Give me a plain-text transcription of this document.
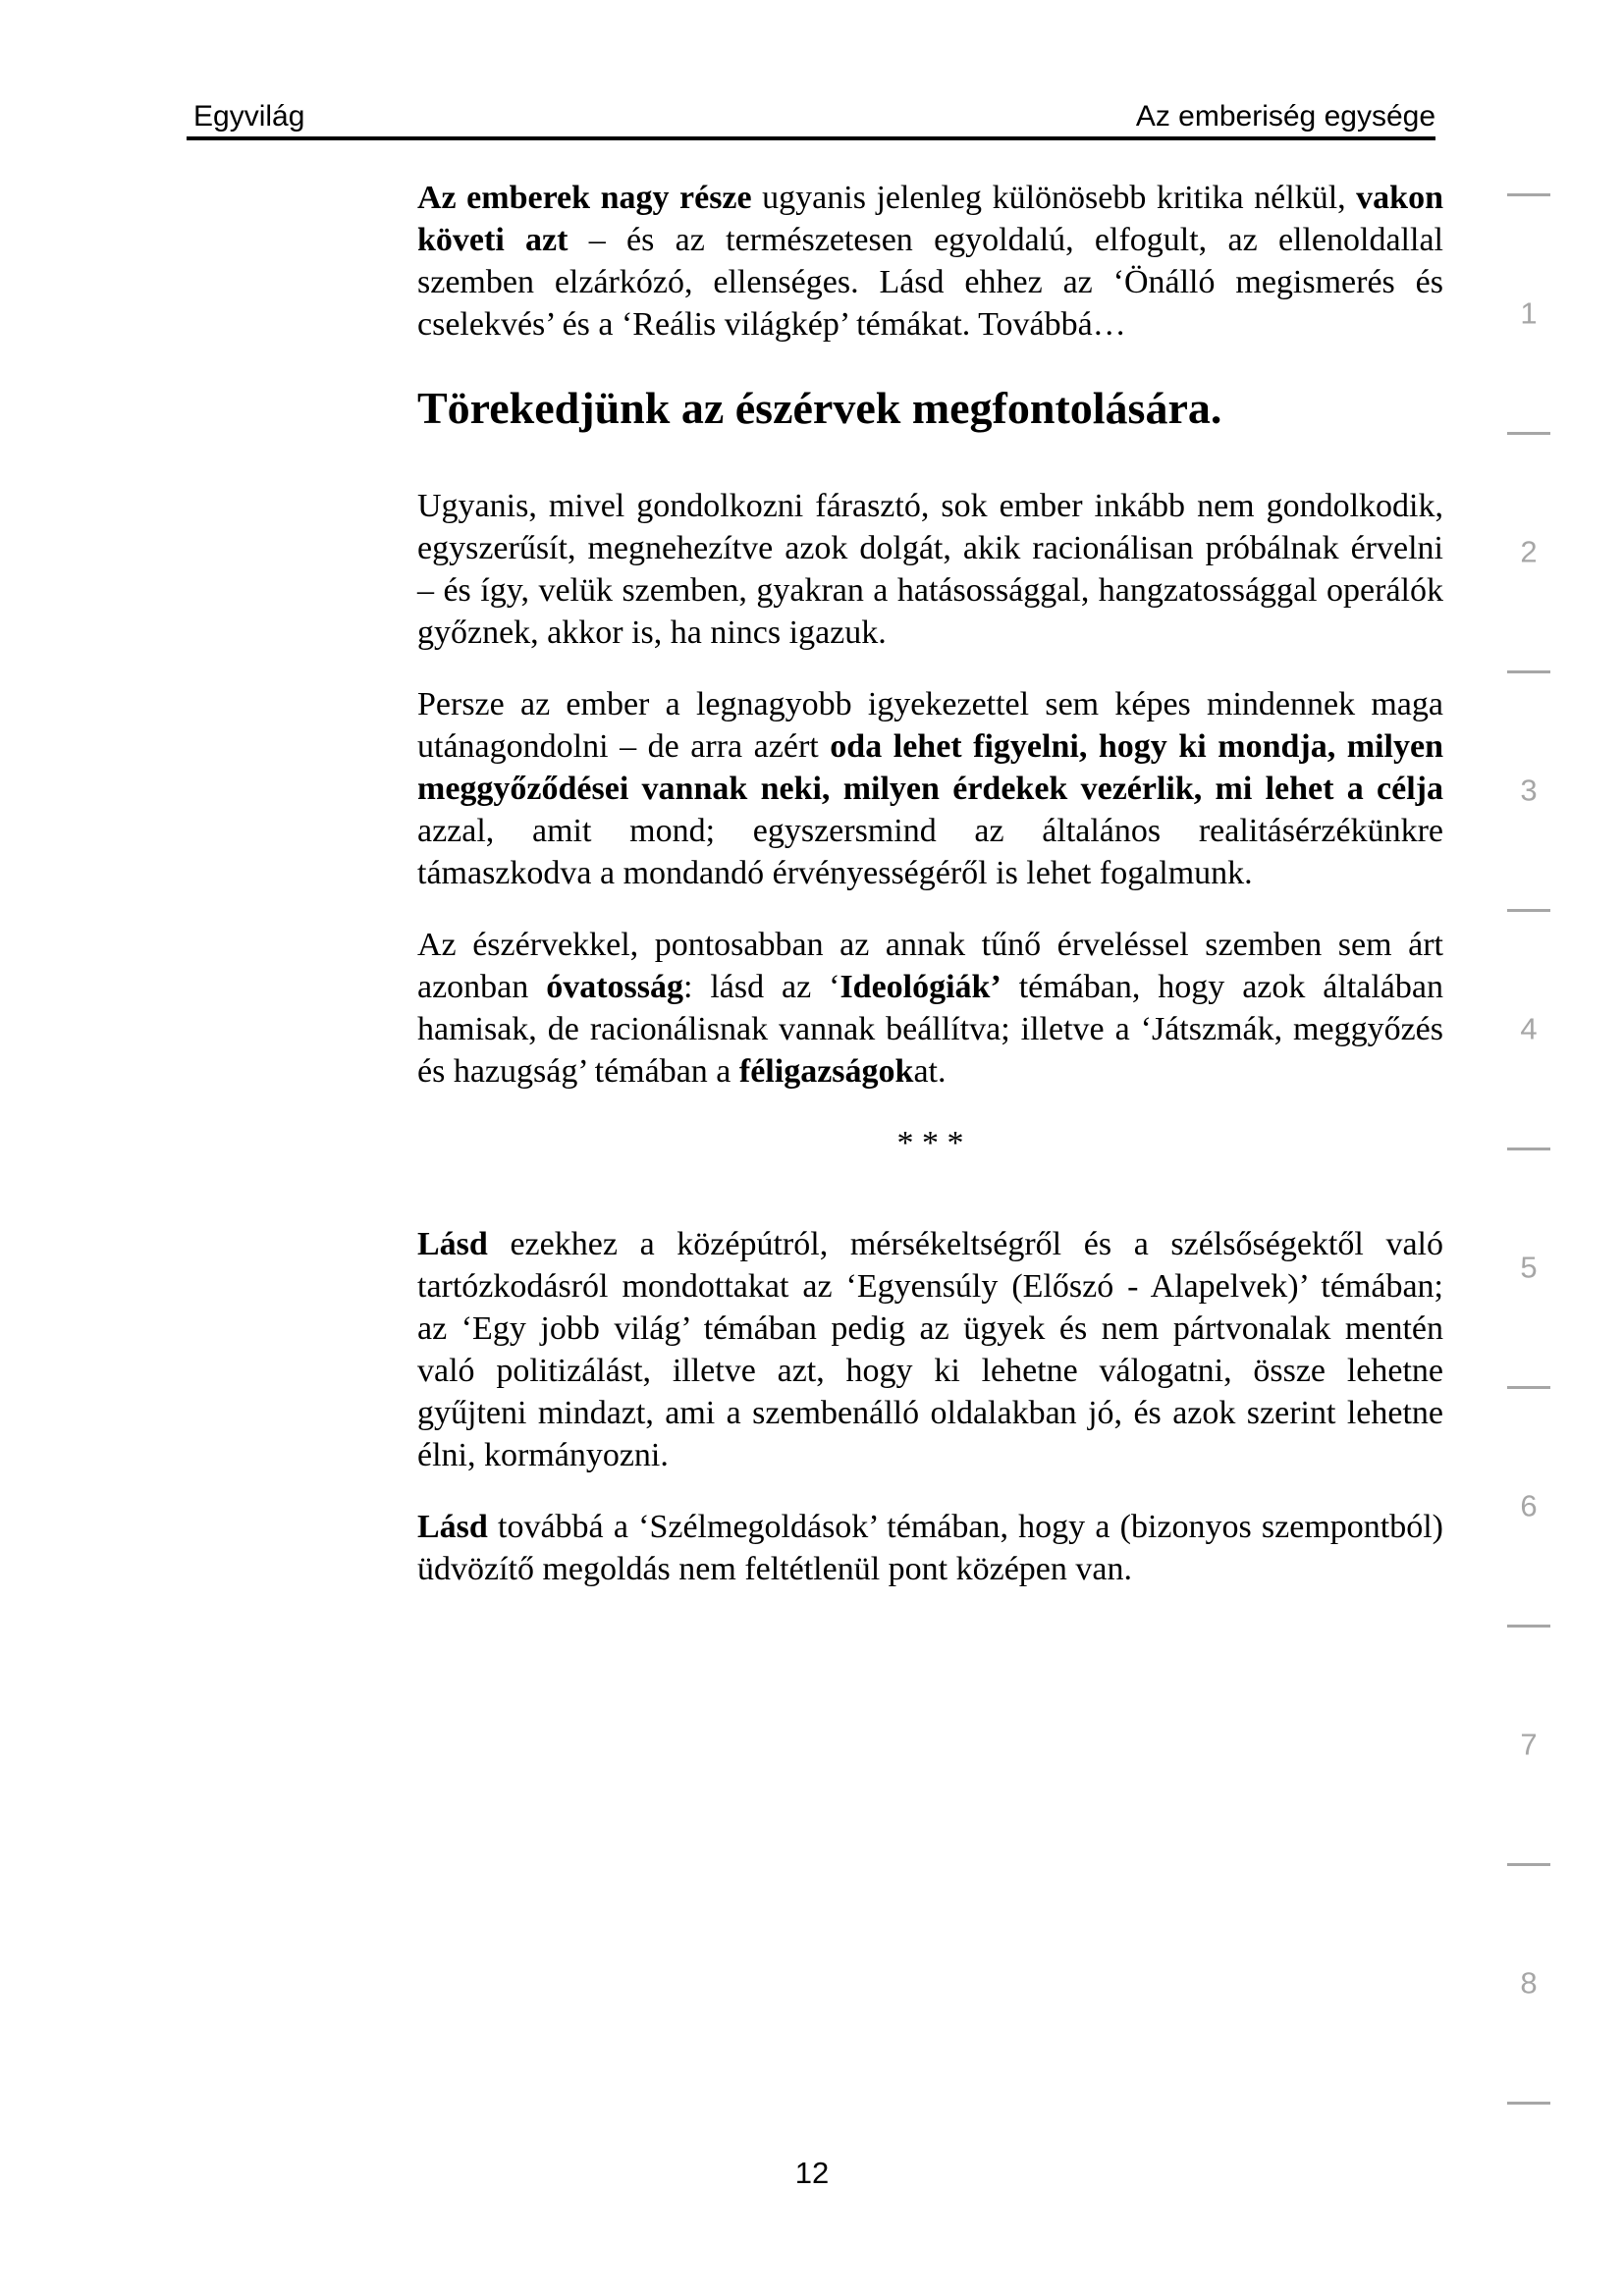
Egyvilág	Az emberiség egysége

Az emberek nagy része ugyanis jelenleg különösebb kritika nélkül, vakon követi azt – és az természetesen egyoldalú, elfogult, az ellenoldallal szemben elzárkózó, ellenséges. Lásd ehhez az ‘Önálló megismerés és cselekvés’ és a ‘Reális világkép’ témákat. Továbbá…

Törekedjünk az észérvek megfontolására.

Ugyanis, mivel gondolkozni fárasztó, sok ember inkább nem gondolkodik, egyszerűsít, megnehezítve azok dolgát, akik racionálisan próbálnak érvelni – és így, velük szemben, gyakran a hatásossággal, hangzatossággal operálók győznek, akkor is, ha nincs igazuk.

Persze az ember a legnagyobb igyekezettel sem képes mindennek maga utánagondolni – de arra azért oda lehet figyelni, hogy ki mondja, milyen meggyőződései vannak neki, milyen érdekek vezérlik, mi lehet a célja azzal, amit mond; egyszersmind az általános realitásérzékünkre támaszkodva a mondandó érvényességéről is lehet fogalmunk.

Az észérvekkel, pontosabban az annak tűnő érveléssel szemben sem árt azonban óvatosság: lásd az ‘Ideológiák’ témában, hogy azok általában hamisak, de racionálisnak vannak beállítva; illetve a ‘Játszmák, meggyőzés és hazugság’ témában a féligazságokat.

* * *

Lásd ezekhez a középútról, mérsékeltségről és a szélsőségektől való tartózkodásról mondottakat az ‘Egyensúly (Előszó - Alapelvek)’ témában; az ‘Egy jobb világ’ témában pedig az ügyek és nem pártvonalak mentén való politizálást, illetve azt, hogy ki lehetne válogatni, össze lehetne gyűjteni mindazt, ami a szembenálló oldalakban jó, és azok szerint lehetne élni, kormányozni.

Lásd továbbá a ‘Szélmegoldások’ témában, hogy a (bizonyos szempontból) üdvözítő megoldás nem feltétlenül pont középen van.

1
2
3
4
5
6
7
8
12
